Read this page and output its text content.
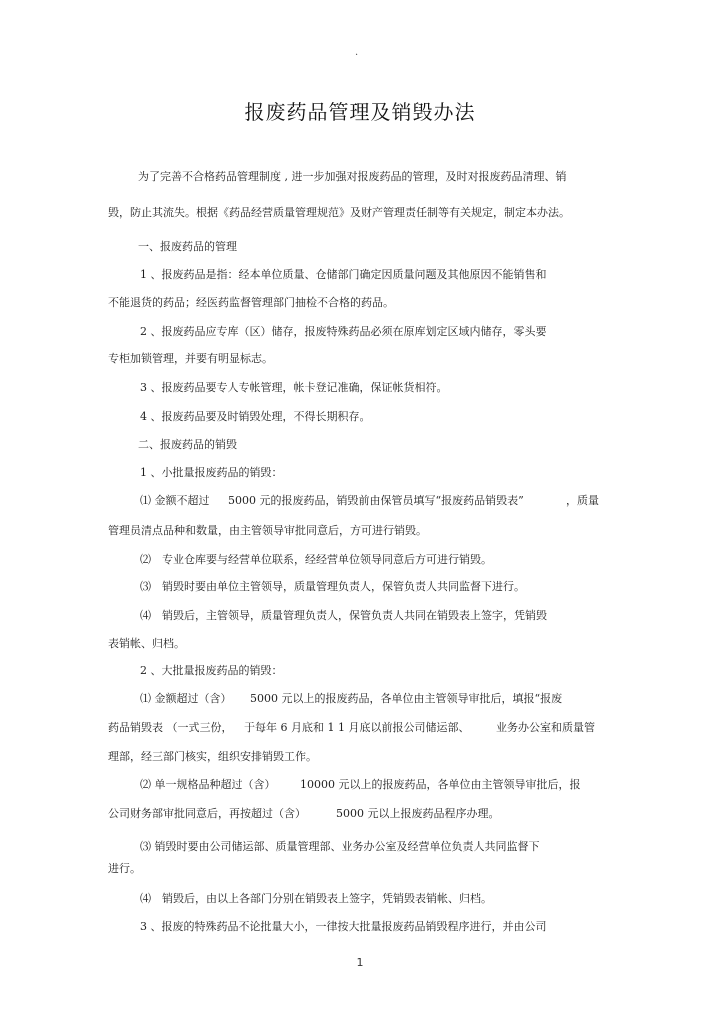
·
报废药品管理及销毁办法
为了完善不合格药品管理制度 , 进一步加强对报废药品的管理，及时对报废药品清理、销
毁，防止其流失。根据《药品经营质量管理规范》及财产管理责任制等有关规定，制定本办法。
一、报废药品的管理
1 、报废药品是指：经本单位质量、仓储部门确定因质量问题及其他原因不能销售和
不能退货的药品；经医药监督管理部门抽检不合格的药品。
2 、报废药品应专库（区）储存，报废特殊药品必须在原库划定区域内储存，零头要
专柜加锁管理，并要有明显标志。
3 、报废药品要专人专帐管理，帐卡登记准确，保证帐货相符。
4 、报废药品要及时销毁处理，不得长期积存。
二、报废药品的销毁
1 、小批量报废药品的销毁：
⑴ 金额不超过 5000 元的报废药品，销毁前由保管员填写“报废药品销毁表”	，质量
管理员清点品种和数量，由主管领导审批同意后，方可进行销毁。
⑵　专业仓库要与经营单位联系，经经营单位领导同意后方可进行销毁。
⑶　销毁时要由单位主管领导，质量管理负责人，保管负责人共同监督下进行。
⑷　销毁后，主管领导，质量管理负责人，保管负责人共同在销毁表上签字，凭销毁
表销帐、归档。
2 、大批量报废药品的销毁：
⑴ 金额超过（含） 5000 元以上的报废药品，各单位由主管领导审批后，填报“报废
药品销毁表 （一式三份， 于每年 6 月底和 1 1 月底以前报公司储运部、 业务办公室和质量管
理部，经三部门核实，组织安排销毁工作。
⑵ 单一规格品种超过（含） 10000 元以上的报废药品，各单位由主管领导审批后，报
公司财务部审批同意后，再按超过（含）	5000 元以上报废药品程序办理。
⑶ 销毁时要由公司储运部、质量管理部、业务办公室及经营单位负责人共同监督下
进行。
⑷　销毁后，由以上各部门分别在销毁表上签字，凭销毁表销帐、归档。
3 、报废的特殊药品不论批量大小，一律按大批量报废药品销毁程序进行，并由公司
1
